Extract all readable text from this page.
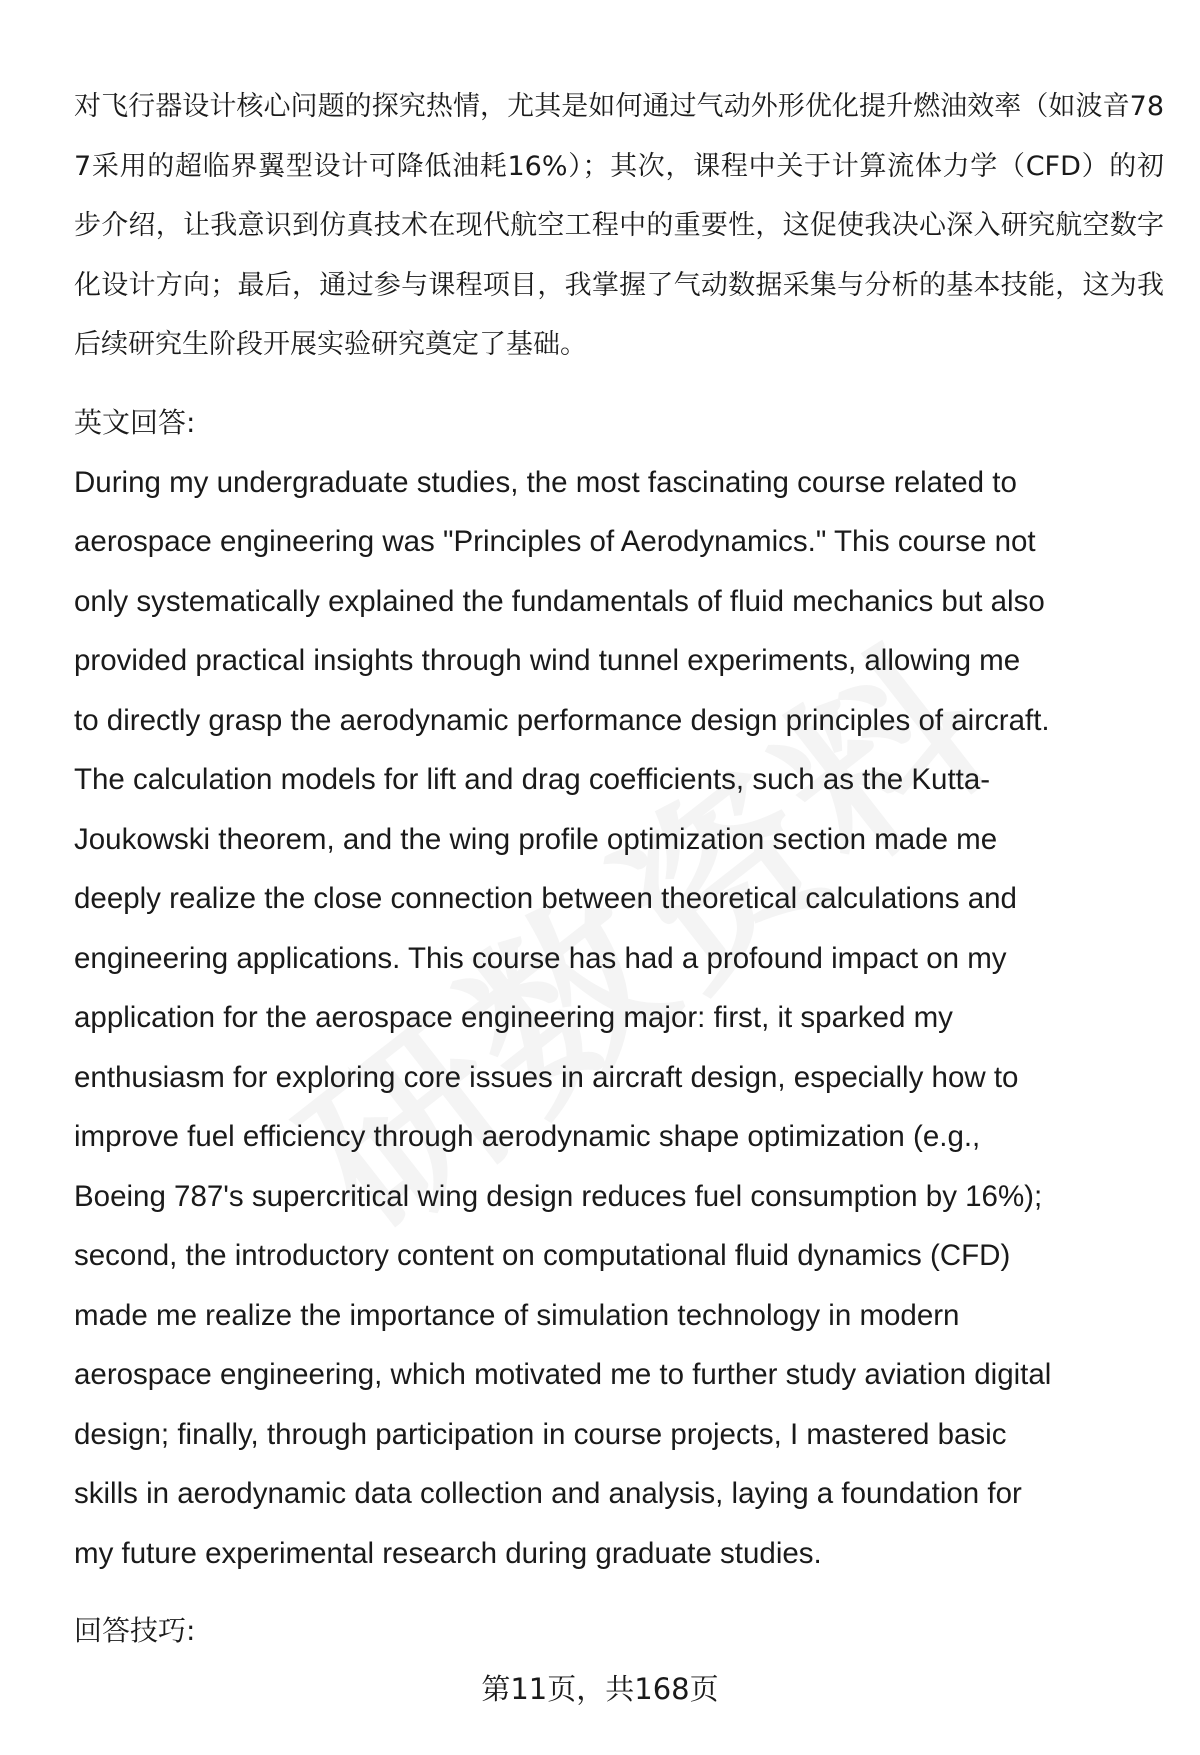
对飞行器设计核心问题的探究热情，尤其是如何通过气动外形优化提升燃油效率（如波音787采用的超临界翼型设计可降低油耗16%）；其次，课程中关于计算流体力学（CFD）的初步介绍，让我意识到仿真技术在现代航空工程中的重要性，这促使我决心深入研究航空数字化设计方向；最后，通过参与课程项目，我掌握了气动数据采集与分析的基本技能，这为我后续研究生阶段开展实验研究奠定了基础。

英文回答:

During my undergraduate studies, the most fascinating course related to
aerospace engineering was "Principles of Aerodynamics." This course not
only systematically explained the fundamentals of fluid mechanics but also
provided practical insights through wind tunnel experiments, allowing me
to directly grasp the aerodynamic performance design principles of aircraft.
The calculation models for lift and drag coefficients, such as the Kutta-
Joukowski theorem, and the wing profile optimization section made me
deeply realize the close connection between theoretical calculations and
engineering applications. This course has had a profound impact on my
application for the aerospace engineering major: first, it sparked my
enthusiasm for exploring core issues in aircraft design, especially how to
improve fuel efficiency through aerodynamic shape optimization (e.g.,
Boeing 787's supercritical wing design reduces fuel consumption by 16%);
second, the introductory content on computational fluid dynamics (CFD)
made me realize the importance of simulation technology in modern
aerospace engineering, which motivated me to further study aviation digital
design; finally, through participation in course projects, I mastered basic
skills in aerodynamic data collection and analysis, laying a foundation for
my future experimental research during graduate studies.

回答技巧:

第11页，共168页
